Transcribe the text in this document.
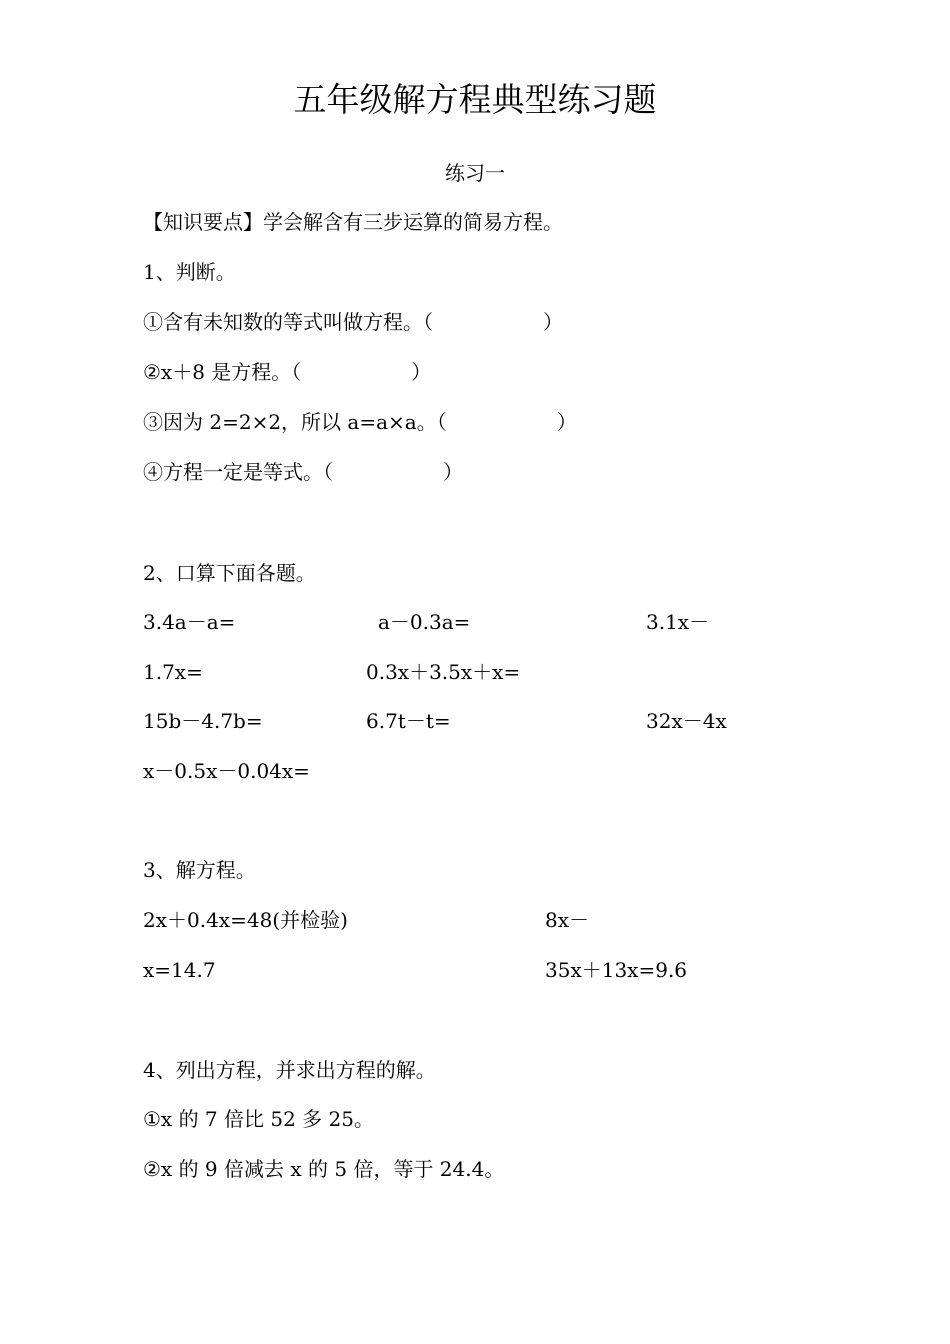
五年级解方程典型练习题
练习一
【知识要点】学会解含有三步运算的简易方程。
1、判断。
①含有未知数的等式叫做方程。（	）
②x＋8 是方程。（	）
③因为 2=2×2，所以 a=a×a。（	）
④方程一定是等式。（	）
2、口算下面各题。
3.4a－a=	a－0.3a=	3.1x－
1.7x=	0.3x＋3.5x＋x=
15b－4.7b=	6.7t－t=	32x－4x
x－0.5x－0.04x=
3、解方程。
2x＋0.4x=48(并检验)	8x－
x=14.7	35x＋13x=9.6
4、列出方程，并求出方程的解。
①x 的 7 倍比 52 多 25。
②x 的 9 倍减去 x 的 5 倍，等于 24.4。
